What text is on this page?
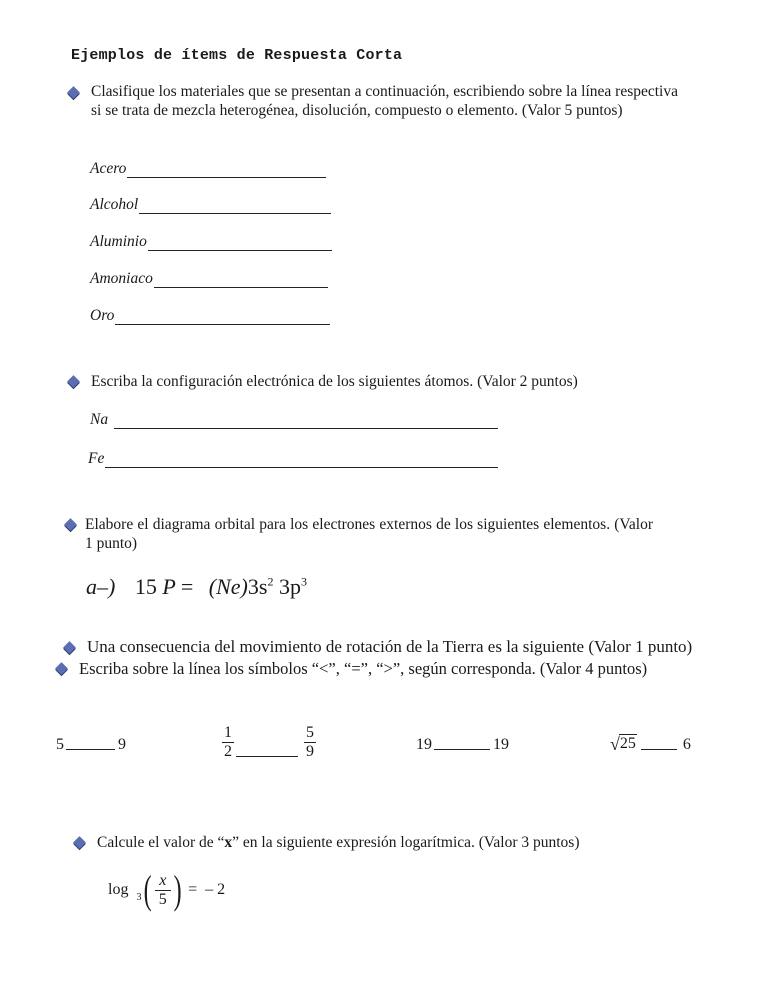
Ejemplos de ítems de Respuesta Corta
Clasifique los materiales que se presentan a continuación, escribiendo sobre la línea respectiva si se trata de mezcla heterogénea, disolución, compuesto o elemento. (Valor 5 puntos)
Acero
Alcohol
Aluminio
Amoniaco
Oro
Escriba la configuración electrónica de los siguientes átomos. (Valor 2 puntos)
Na
Fe
Elabore el diagrama orbital para los electrones externos de los siguientes elementos. (Valor 1 punto)
a–) 15 $P = (Ne)3s^2$ $3p^3$
Una consecuencia del movimiento de rotación de la Tierra es la siguiente (Valor 1 punto)
Escriba sobre la línea los símbolos “<”, “=”, “>”, según corresponda. (Valor 4 puntos)
5	9	$\frac{1}{2}$	$\frac{5}{9}$	19	19	√ 25	6
Calcule el valor de “x” en la siguiente expresión logarítmica. (Valor 3 puntos)
log 3 ( $\frac{x}{5}$ ) =  – 2
